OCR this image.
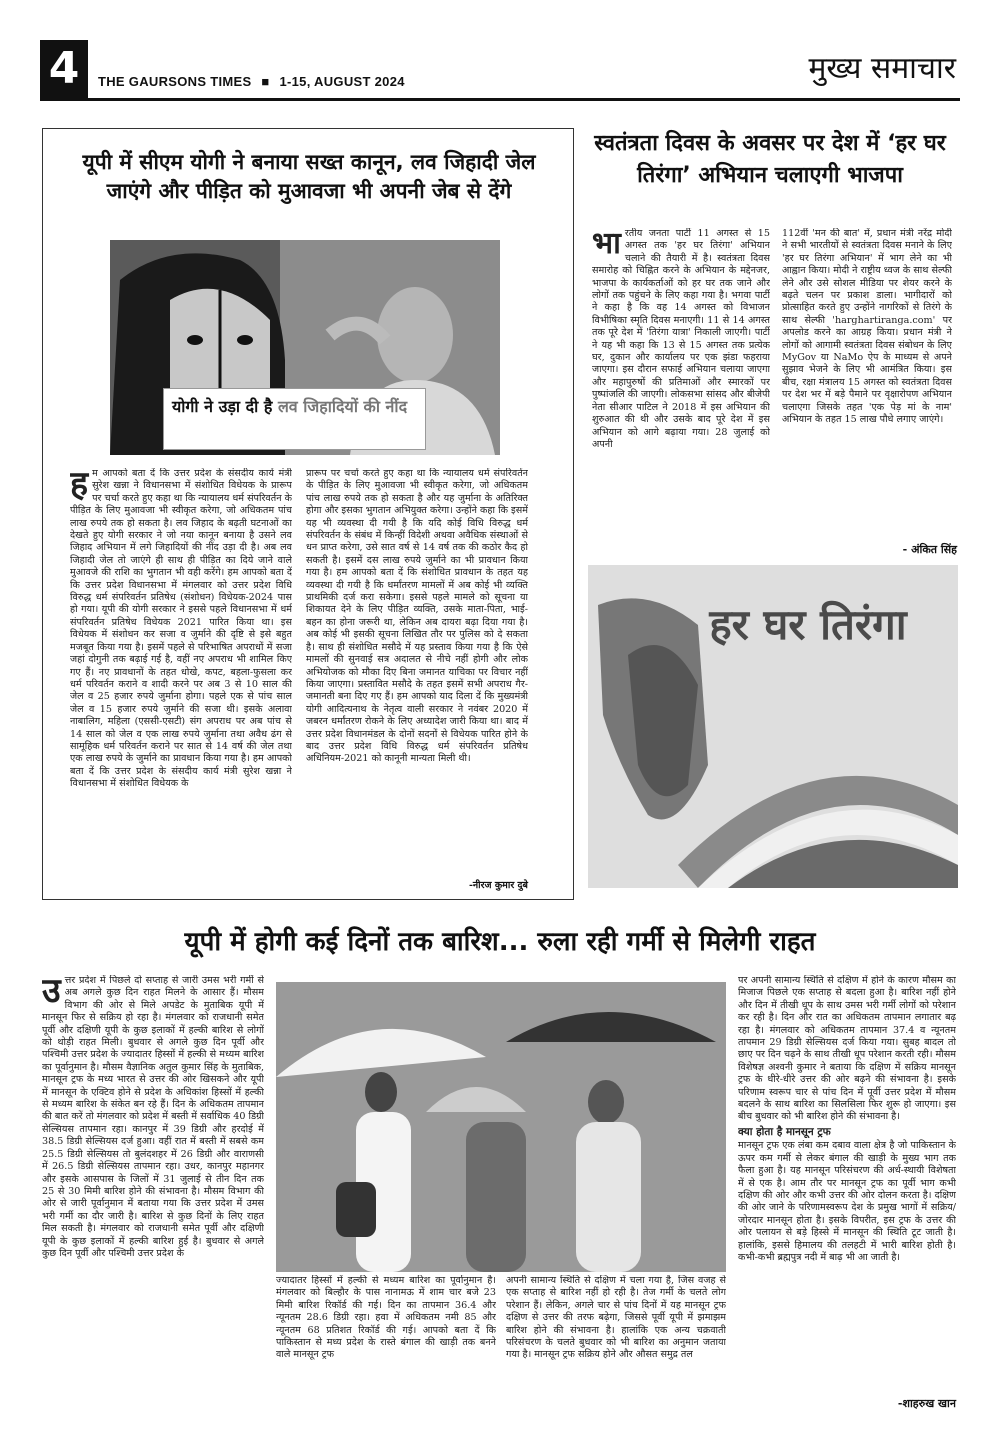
4	THE GAURSONS TIMES ■ 1-15, AUGUST 2024	मुख्य समाचार
यूपी में सीएम योगी ने बनाया सख्त कानून, लव जिहादी जेल जाएंगे और पीड़ित को मुआवजा भी अपनी जेब से देंगे
योगी ने उड़ा दी है लव जिहादियों की नींद
हम आपको बता दें कि उत्तर प्रदेश के संसदीय कार्य मंत्री सुरेश खन्ना ने विधानसभा में संशोधित विधेयक के प्रारूप पर चर्चा करते हुए कहा था कि न्यायालय धर्म संपरिवर्तन के पीड़ित के लिए मुआवजा भी स्वीकृत करेगा, जो अधिकतम पांच लाख रुपये तक हो सकता है। लव जिहाद के बढ़ती घटनाओं का देखते हुए योगी सरकार ने जो नया कानून बनाया है उसने लव जिहाद अभियान में लगे जिहादियों की नींद उड़ा दी है। अब लव जिहादी जेल तो जाएंगे ही साथ ही पीड़ित का दिये जाने वाले मुआवजे की राशि का भुगतान भी वही करेंगे। हम आपको बता दें कि उत्तर प्रदेश विधानसभा में मंगलवार को उत्तर प्रदेश विधि विरुद्ध धर्म संपरिवर्तन प्रतिषेध (संशोधन) विधेयक-2024 पास हो गया। यूपी की योगी सरकार ने इससे पहले विधानसभा में धर्म संपरिवर्तन प्रतिषेध विधेयक 2021 पारित किया था। इस विधेयक में संशोधन कर सजा व जुर्माने की दृष्टि से इसे बहुत मजबूत किया गया है। इसमें पहले से परिभाषित अपराधों में सजा जहां दोगुनी तक बढ़ाई गई है, वहीं नए अपराध भी शामिल किए गए हैं। नए प्रावधानों के तहत धोखे, कपट, बहला-फुसला कर धर्म परिवर्तन कराने व शादी करने पर अब 3 से 10 साल की जेल व 25 हजार रुपये जुर्माना होगा। पहले एक से पांच साल जेल व 15 हजार रुपये जुर्माने की सजा थी। इसके अलावा नाबालिग, महिला (एससी-एसटी) संग अपराध पर अब पांच से 14 साल को जेल व एक लाख रुपये जुर्माना तथा अवैध ढंग से सामूहिक धर्म परिवर्तन कराने पर सात से 14 वर्ष की जेल तथा एक लाख रुपये के जुर्माने का प्रावधान किया गया है। हम आपको बता दें कि उत्तर प्रदेश के संसदीय कार्य मंत्री सुरेश खन्ना ने विधानसभा में संशोधित विधेयक के
प्रारूप पर चर्चा करते हुए कहा था कि न्यायालय धर्म संपरिवर्तन के पीड़ित के लिए मुआवजा भी स्वीकृत करेगा, जो अधिकतम पांच लाख रुपये तक हो सकता है और यह जुर्माना के अतिरिक्त होगा और इसका भुगतान अभियुक्त करेगा। उन्होंने कहा कि इसमें यह भी व्यवस्था दी गयी है कि यदि कोई विधि विरुद्ध धर्म संपरिवर्तन के संबंध में किन्हीं विदेशी अथवा अवैधिक संस्थाओं से धन प्राप्त करेगा, उसे सात वर्ष से 14 वर्ष तक की कठोर कैद हो सकती है। इसमें दस लाख रुपये जुर्माने का भी प्रावधान किया गया है। हम आपको बता दें कि संशोधित प्रावधान के तहत यह व्यवस्था दी गयी है कि धर्मांतरण मामलों में अब कोई भी व्यक्ति प्राथमिकी दर्ज करा सकेगा। इससे पहले मामले को सूचना या शिकायत देने के लिए पीड़ित व्यक्ति, उसके माता-पिता, भाई-बहन का होना जरूरी था, लेकिन अब दायरा बढ़ा दिया गया है। अब कोई भी इसकी सूचना लिखित तौर पर पुलिस को दे सकता है। साथ ही संशोधित मसौदे में यह प्रस्ताव किया गया है कि ऐसे मामलों की सुनवाई सत्र अदालत से नीचे नहीं होगी और लोक अभियोजक को मौका दिए बिना जमानत याचिका पर विचार नहीं किया जाएगा। प्रस्तावित मसौदे के तहत इसमें सभी अपराध गैर-जमानती बना दिए गए हैं। हम आपको याद दिला दें कि मुख्यमंत्री योगी आदित्यनाथ के नेतृत्व वाली सरकार ने नवंबर 2020 में जबरन धर्मांतरण रोकने के लिए अध्यादेश जारी किया था। बाद में उत्तर प्रदेश विधानमंडल के दोनों सदनों से विधेयक पारित होने के बाद उत्तर प्रदेश विधि विरुद्ध धर्म संपरिवर्तन प्रतिषेध अधिनियम-2021 को कानूनी मान्यता मिली थी।
-नीरज कुमार दुबे
स्वतंत्रता दिवस के अवसर पर देश में ‘हर घर तिरंगा’ अभियान चलाएगी भाजपा
भारतीय जनता पार्टी 11 अगस्त से 15 अगस्त तक 'हर घर तिरंगा' अभियान चलाने की तैयारी में है। स्वतंत्रता दिवस समारोह को चिह्नित करने के अभियान के मद्देनजर, भाजपा के कार्यकर्ताओं को हर घर तक जाने और लोगों तक पहुंचने के लिए कहा गया है। भगवा पार्टी ने कहा है कि वह 14 अगस्त को विभाजन विभीषिका स्मृति दिवस मनाएगी। 11 से 14 अगस्त तक पूरे देश में 'तिरंगा यात्रा' निकाली जाएगी। पार्टी ने यह भी कहा कि 13 से 15 अगस्त तक प्रत्येक घर, दुकान और कार्यालय पर एक झंडा फहराया जाएगा। इस दौरान सफाई अभियान चलाया जाएगा और महापुरुषों की प्रतिमाओं और स्मारकों पर पुष्पांजलि की जाएगी। लोकसभा सांसद और बीजेपी नेता सीआर पाटिल ने 2018 में इस अभियान की शुरुआत की थी और उसके बाद पूरे देश में इस अभियान को आगे बढ़ाया गया। 28 जुलाई को अपनी
112वीं 'मन की बात' में, प्रधान मंत्री नरेंद्र मोदी ने सभी भारतीयों से स्वतंत्रता दिवस मनाने के लिए 'हर घर तिरंगा अभियान' में भाग लेने का भी आह्वान किया। मोदी ने राष्ट्रीय ध्वज के साथ सेल्फी लेने और उसे सोशल मीडिया पर शेयर करने के बढ़ते चलन पर प्रकाश डाला। भागीदारों को प्रोत्साहित करते हुए उन्होंने नागरिकों से तिरंगे के साथ सेल्फी 'harghartiranga.com' पर अपलोड करने का आग्रह किया। प्रधान मंत्री ने लोगों को आगामी स्वतंत्रता दिवस संबोधन के लिए MyGov या NaMo ऐप के माध्यम से अपने सुझाव भेजने के लिए भी आमंत्रित किया। इस बीच, रक्षा मंत्रालय 15 अगस्त को स्वतंत्रता दिवस पर देश भर में बड़े पैमाने पर वृक्षारोपण अभियान चलाएगा जिसके तहत 'एक पेड़ मां के नाम' अभियान के तहत 15 लाख पौधे लगाए जाएंगे।
- अंकित सिंह
हर घर तिरंगा
यूपी में होगी कई दिनों तक बारिश... रुला रही गर्मी से मिलेगी राहत
उत्तर प्रदेश में पिछले दो सप्ताह से जारी उमस भरी गर्मी से अब अगले कुछ दिन राहत मिलने के आसार हैं। मौसम विभाग की ओर से मिले अपडेट के मुताबिक यूपी में मानसून फिर से सक्रिय हो रहा है। मंगलवार को राजधानी समेत पूर्वी और दक्षिणी यूपी के कुछ इलाकों में हल्की बारिश से लोगों को थोड़ी राहत मिली। बुधवार से अगले कुछ दिन पूर्वी और पश्चिमी उत्तर प्रदेश के ज्यादातर हिस्सों में हल्की से मध्यम बारिश का पूर्वानुमान है। मौसम वैज्ञानिक अतुल कुमार सिंह के मुताबिक, मानसून ट्रफ के मध्य भारत से उत्तर की ओर खिसकने और यूपी में मानसून के एक्टिव होने से प्रदेश के अधिकांश हिस्सों में हल्की से मध्यम बारिश के संकेत बन रहे हैं। दिन के अधिकतम तापमान की बात करें तो मंगलवार को प्रदेश में बस्ती में सर्वाधिक 40 डिग्री सेल्सियस तापमान रहा। कानपुर में 39 डिग्री और हरदोई में 38.5 डिग्री सेल्सियस दर्ज हुआ। वहीं रात में बस्ती में सबसे कम 25.5 डिग्री सेल्सियस तो बुलंदशहर में 26 डिग्री और वाराणसी में 26.5 डिग्री सेल्सियस तापमान रहा। उधर, कानपुर महानगर और इसके आसपास के जिलों में 31 जुलाई से तीन दिन तक 25 से 30 मिमी बारिश होने की संभावना है। मौसम विभाग की ओर से जारी पूर्वानुमान में बताया गया कि उत्तर प्रदेश में उमस भरी गर्मी का दौर जारी है। बारिश से कुछ दिनों के लिए राहत मिल सकती है। मंगलवार को राजधानी समेत पूर्वी और दक्षिणी यूपी के कुछ इलाकों में हल्की बारिश हुई है। बुधवार से अगले कुछ दिन पूर्वी और पश्चिमी उत्तर प्रदेश के
ज्यादातर हिस्सों में हल्की से मध्यम बारिश का पूर्वानुमान है। मंगलवार को बिल्हौर के पास नानामऊ में शाम चार बजे 23 मिमी बारिश रिकॉर्ड की गई। दिन का तापमान 36.4 और न्यूनतम 28.6 डिग्री रहा। हवा में अधिकतम नमी 85 और न्यूनतम 68 प्रतिशत रिकॉर्ड की गई। आपको बता दें कि पाकिस्तान से मध्य प्रदेश के रास्ते बंगाल की खाड़ी तक बनने वाले मानसून ट्रफ
अपनी सामान्य स्थिति से दक्षिण में चला गया है, जिस वजह से एक सप्ताह से बारिश नहीं हो रही है। तेज गर्मी के चलते लोग परेशान हैं। लेकिन, अगले चार से पांच दिनों में यह मानसून ट्रफ दक्षिण से उत्तर की तरफ बढ़ेगा, जिससे पूर्वी यूपी में झमाझम बारिश होने की संभावना है। हालांकि एक अन्य चक्रवाती परिसंचरण के चलते बुधवार को भी बारिश का अनुमान जताया गया है। मानसून ट्रफ सक्रिय होने और औसत समुद्र तल

पर अपनी सामान्य स्थिति से दक्षिण में होने के कारण मौसम का मिजाज पिछले एक सप्ताह से बदला हुआ है। बारिश नहीं होने और दिन में तीखी धूप के साथ उमस भरी गर्मी लोगों को परेशान कर रही है। दिन और रात का अधिकतम तापमान लगातार बढ़ रहा है। मंगलवार को अधिकतम तापमान 37.4 व न्यूनतम तापमान 29 डिग्री सेल्सियस दर्ज किया गया। सुबह बादल तो छाए पर दिन चढ़ने के साथ तीखी धूप परेशान करती रही। मौसम विशेषज्ञ अश्वनी कुमार ने बताया कि दक्षिण में सक्रिय मानसून ट्रफ के धीरे-धीरे उत्तर की ओर बढ़ने की संभावना है। इसके परिणाम स्वरूप चार से पांच दिन में पूर्वी उत्तर प्रदेश में मौसम बदलने के साथ बारिश का सिलसिला फिर शुरू हो जाएगा। इस बीच बुधवार को भी बारिश होने की संभावना है।

क्या होता है मानसून ट्रफ

मानसून ट्रफ एक लंबा कम दबाव वाला क्षेत्र है जो पाकिस्तान के ऊपर कम गर्मी से लेकर बंगाल की खाड़ी के मुख्य भाग तक फैला हुआ है। यह मानसून परिसंचरण की अर्ध-स्थायी विशेषता में से एक है। आम तौर पर मानसून ट्रफ का पूर्वी भाग कभी दक्षिण की ओर और कभी उत्तर की ओर दोलन करता है। दक्षिण की ओर जाने के परिणामस्वरूप देश के प्रमुख भागों में सक्रिय/जोरदार मानसून होता है। इसके विपरीत, इस ट्रफ के उत्तर की ओर पलायन से बड़े हिस्से में मानसून की स्थिति टूट जाती है। हालांकि, इससे हिमालय की तलहटी में भारी बारिश होती है। कभी-कभी ब्रह्मपुत्र नदी में बाढ़ भी आ जाती है।

-शाहरुख खान
